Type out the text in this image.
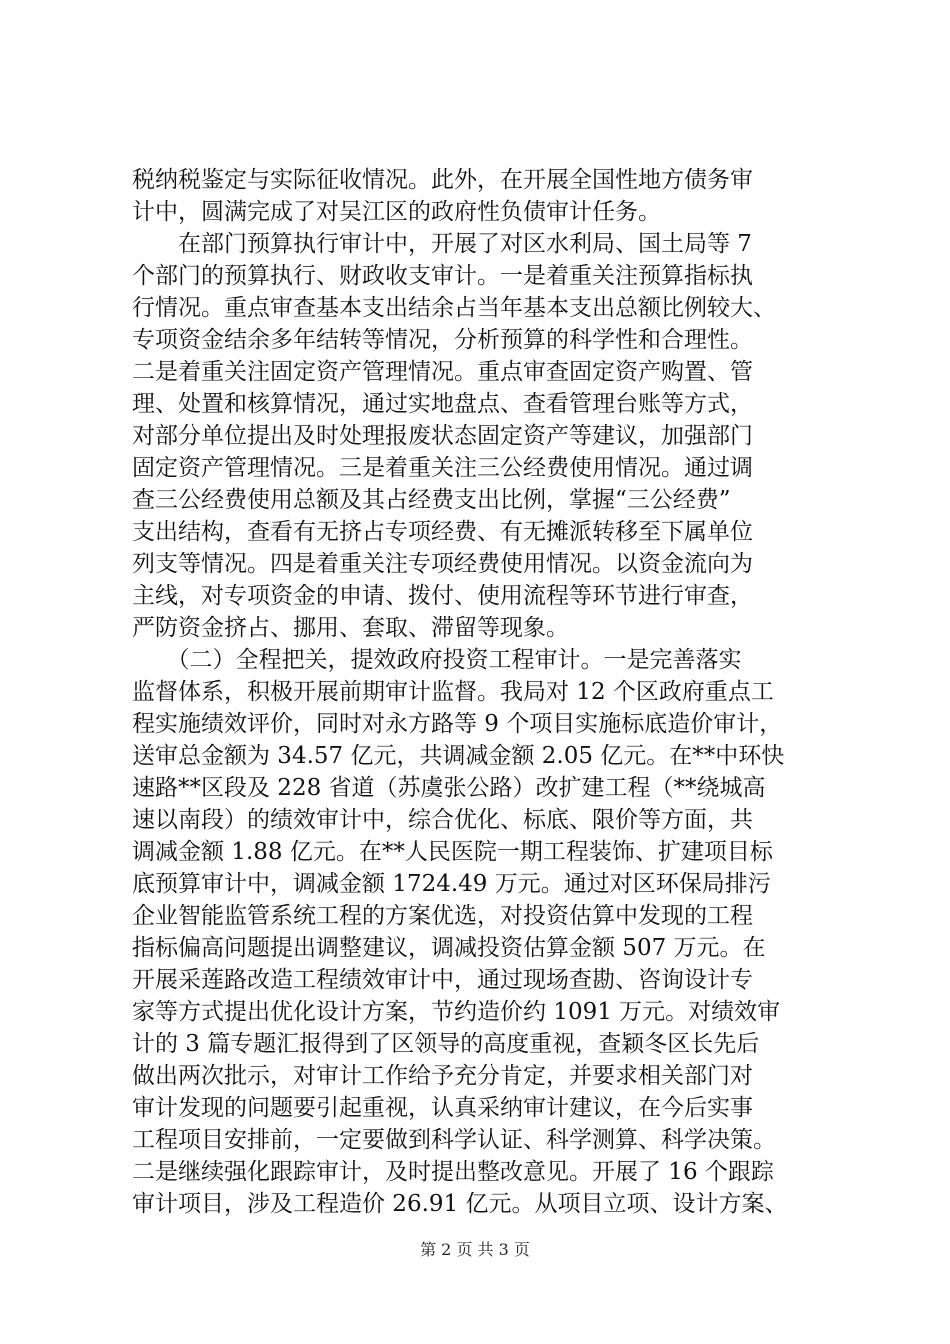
税纳税鉴定与实际征收情况。此外，在开展全国性地方债务审
计中，圆满完成了对吴江区的政府性负债审计任务。
　　在部门预算执行审计中，开展了对区水利局、国土局等 7
个部门的预算执行、财政收支审计。一是着重关注预算指标执
行情况。重点审查基本支出结余占当年基本支出总额比例较大、
专项资金结余多年结转等情况，分析预算的科学性和合理性。
二是着重关注固定资产管理情况。重点审查固定资产购置、管
理、处置和核算情况，通过实地盘点、查看管理台账等方式，
对部分单位提出及时处理报废状态固定资产等建议，加强部门
固定资产管理情况。三是着重关注三公经费使用情况。通过调
查三公经费使用总额及其占经费支出比例，掌握“三公经费”
支出结构，查看有无挤占专项经费、有无摊派转移至下属单位
列支等情况。四是着重关注专项经费使用情况。以资金流向为
主线，对专项资金的申请、拨付、使用流程等环节进行审查，
严防资金挤占、挪用、套取、滞留等现象。
　　（二）全程把关，提效政府投资工程审计。一是完善落实
监督体系，积极开展前期审计监督。我局对 12 个区政府重点工
程实施绩效评价，同时对永方路等 9 个项目实施标底造价审计，
送审总金额为 34.57 亿元，共调减金额 2.05 亿元。在**中环快
速路**区段及 228 省道（苏虞张公路）改扩建工程（**绕城高
速以南段）的绩效审计中，综合优化、标底、限价等方面，共
调减金额 1.88 亿元。在**人民医院一期工程装饰、扩建项目标
底预算审计中，调减金额 1724.49 万元。通过对区环保局排污
企业智能监管系统工程的方案优选，对投资估算中发现的工程
指标偏高问题提出调整建议，调减投资估算金额 507 万元。在
开展采莲路改造工程绩效审计中，通过现场查勘、咨询设计专
家等方式提出优化设计方案，节约造价约 1091 万元。对绩效审
计的 3 篇专题汇报得到了区领导的高度重视，查颖冬区长先后
做出两次批示，对审计工作给予充分肯定，并要求相关部门对
审计发现的问题要引起重视，认真采纳审计建议，在今后实事
工程项目安排前，一定要做到科学认证、科学测算、科学决策。
二是继续强化跟踪审计，及时提出整改意见。开展了 16 个跟踪
审计项目，涉及工程造价 26.91 亿元。从项目立项、设计方案、
第 2 页 共 3 页
